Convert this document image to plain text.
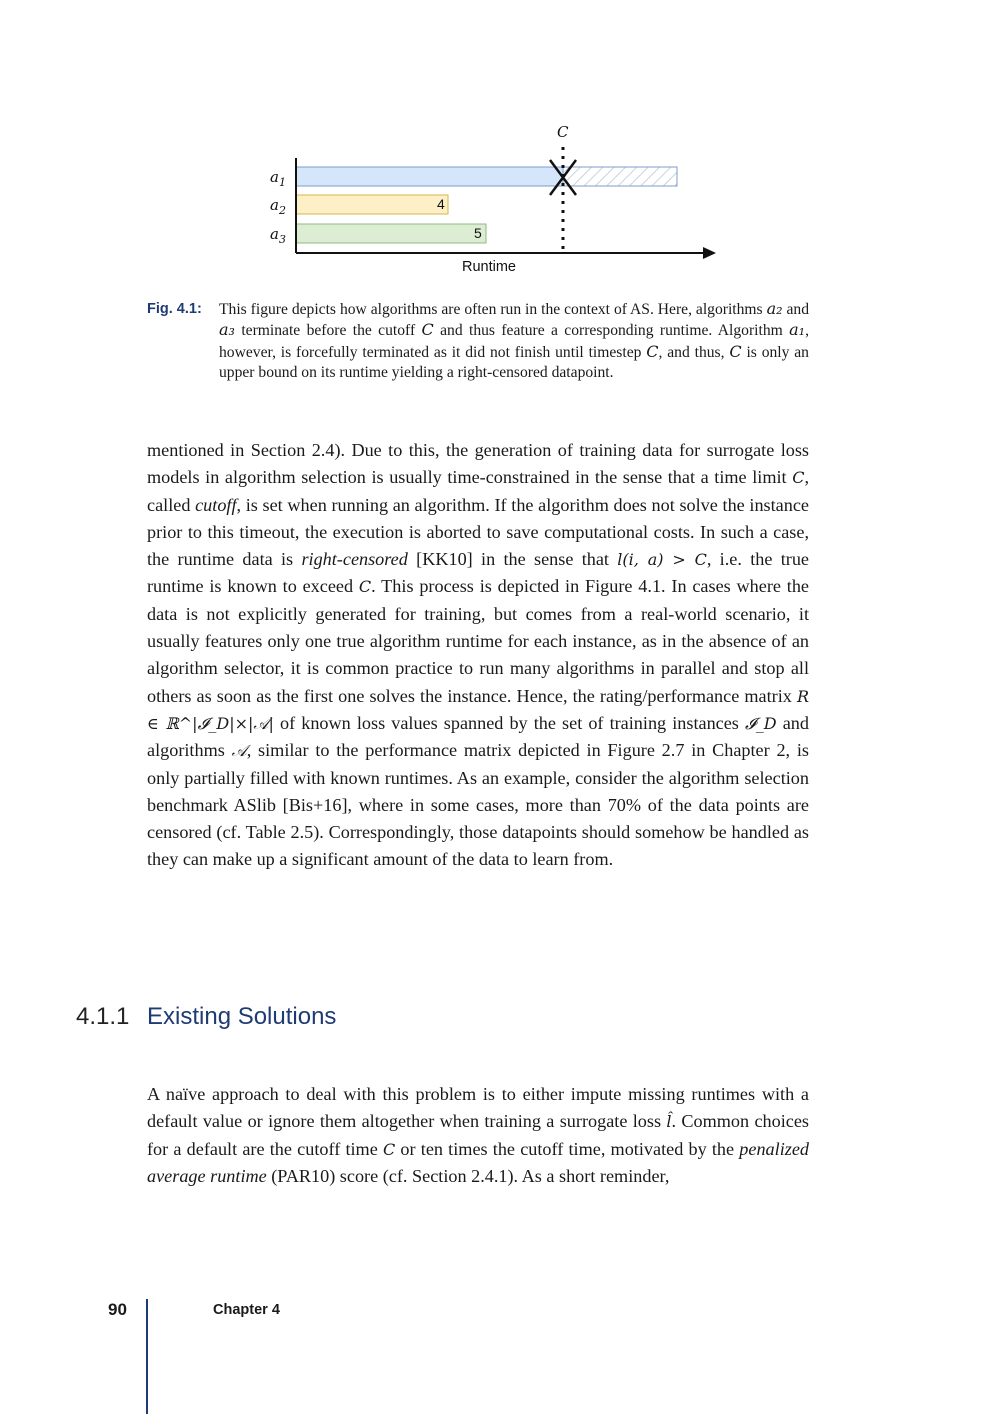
C
4
5
$a_1$
$a_2$
$a_3$
Runtime
Fig. 4.1:	This figure depicts how algorithms are often run in the context of AS. Here, algorithms a₂ and a₃ terminate before the cutoff C and thus feature a corresponding runtime. Algorithm a₁, however, is forcefully terminated as it did not finish until timestep C, and thus, C is only an upper bound on its runtime yielding a right-censored datapoint.
mentioned in Section 2.4). Due to this, the generation of training data for surrogate loss models in algorithm selection is usually time-constrained in the sense that a time limit C, called cutoff, is set when running an algorithm. If the algorithm does not solve the instance prior to this timeout, the execution is aborted to save computational costs. In such a case, the runtime data is right-censored [KK10] in the sense that l(i, a) > C, i.e. the true runtime is known to exceed C. This process is depicted in Figure 4.1. In cases where the data is not explicitly generated for training, but comes from a real-world scenario, it usually features only one true algorithm runtime for each instance, as in the absence of an algorithm selector, it is common practice to run many algorithms in parallel and stop all others as soon as the first one solves the instance. Hence, the rating/performance matrix R ∈ ℝ^|𝓘_D|×|𝒜| of known loss values spanned by the set of training instances 𝓘_D and algorithms 𝒜, similar to the performance matrix depicted in Figure 2.7 in Chapter 2, is only partially filled with known runtimes. As an example, consider the algorithm selection benchmark ASlib [Bis+16], where in some cases, more than 70% of the data points are censored (cf. Table 2.5). Correspondingly, those datapoints should somehow be handled as they can make up a significant amount of the data to learn from.
4.1.1 Existing Solutions
A naïve approach to deal with this problem is to either impute missing runtimes with a default value or ignore them altogether when training a surrogate loss l̂. Common choices for a default are the cutoff time C or ten times the cutoff time, motivated by the penalized average runtime (PAR10) score (cf. Section 2.4.1). As a short reminder,
90	Chapter 4
